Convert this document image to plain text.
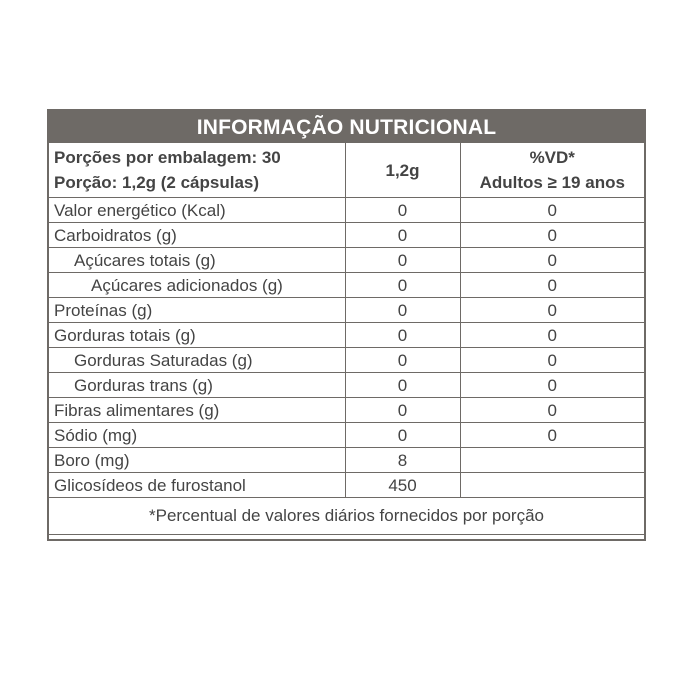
INFORMAÇÃO NUTRICIONAL
Porções por embalagem: 30
Porção: 1,2g (2 cápsulas)	1,2g	%VD*
Adultos ≥ 19 anos

Valor energético (Kcal)	0	0
Carboidratos (g)	0	0
Açúcares totais (g)	0	0
Açúcares adicionados (g)	0	0
Proteínas (g)	0	0
Gorduras totais (g)	0	0
Gorduras Saturadas (g)	0	0
Gorduras trans (g)	0	0
Fibras alimentares (g)	0	0
Sódio (mg)	0	0
Boro (mg)	8	
Glicosídeos de furostanol	450	
*Percentual de valores diários fornecidos por porção		
